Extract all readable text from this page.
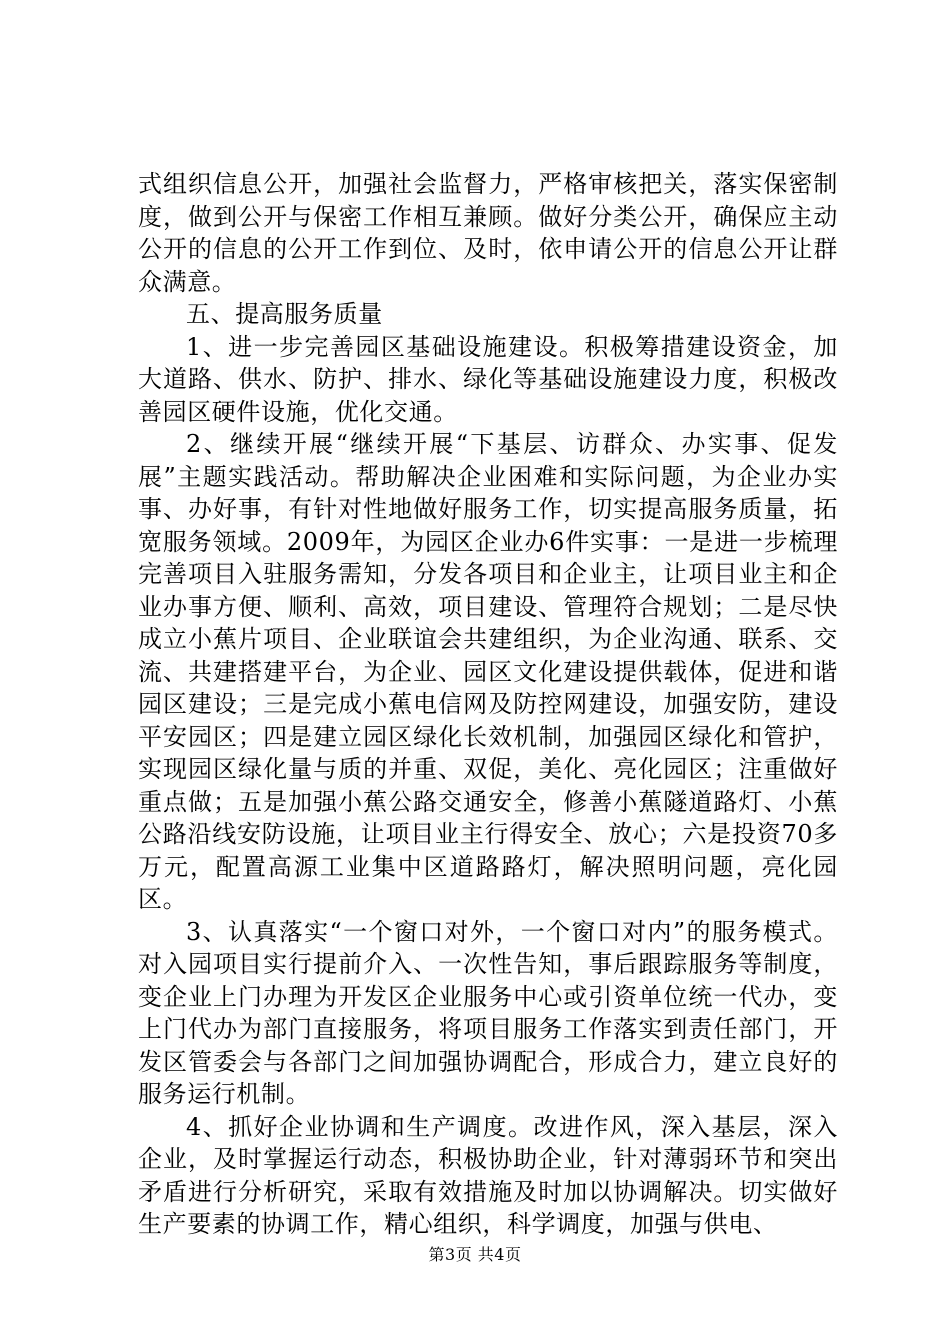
式组织信息公开，加强社会监督力，严格审核把关，落实保密制度，做到公开与保密工作相互兼顾。做好分类公开，确保应主动公开的信息的公开工作到位、及时，依申请公开的信息公开让群众满意。

五、提高服务质量

1、进一步完善园区基础设施建设。积极筹措建设资金，加大道路、供水、防护、排水、绿化等基础设施建设力度，积极改善园区硬件设施，优化交通。

2、继续开展“继续开展“下基层、访群众、办实事、促发展”主题实践活动。帮助解决企业困难和实际问题，为企业办实事、办好事，有针对性地做好服务工作，切实提高服务质量，拓宽服务领域。2009年，为园区企业办6件实事：一是进一步梳理完善项目入驻服务需知，分发各项目和企业主，让项目业主和企业办事方便、顺利、高效，项目建设、管理符合规划；二是尽快成立小蕉片项目、企业联谊会共建组织，为企业沟通、联系、交流、共建搭建平台，为企业、园区文化建设提供载体，促进和谐园区建设；三是完成小蕉电信网及防控网建设，加强安防，建设平安园区；四是建立园区绿化长效机制，加强园区绿化和管护，实现园区绿化量与质的并重、双促，美化、亮化园区；注重做好重点做；五是加强小蕉公路交通安全，修善小蕉隧道路灯、小蕉公路沿线安防设施，让项目业主行得安全、放心；六是投资70多万元，配置高源工业集中区道路路灯，解决照明问题，亮化园区。

3、认真落实“一个窗口对外，一个窗口对内”的服务模式。对入园项目实行提前介入、一次性告知，事后跟踪服务等制度，变企业上门办理为开发区企业服务中心或引资单位统一代办，变上门代办为部门直接服务，将项目服务工作落实到责任部门，开发区管委会与各部门之间加强协调配合，形成合力，建立良好的服务运行机制。

4、抓好企业协调和生产调度。改进作风，深入基层，深入企业，及时掌握运行动态，积极协助企业，针对薄弱环节和突出矛盾进行分析研究，采取有效措施及时加以协调解决。切实做好生产要素的协调工作，精心组织，科学调度，加强与供电、

第3页 共4页
